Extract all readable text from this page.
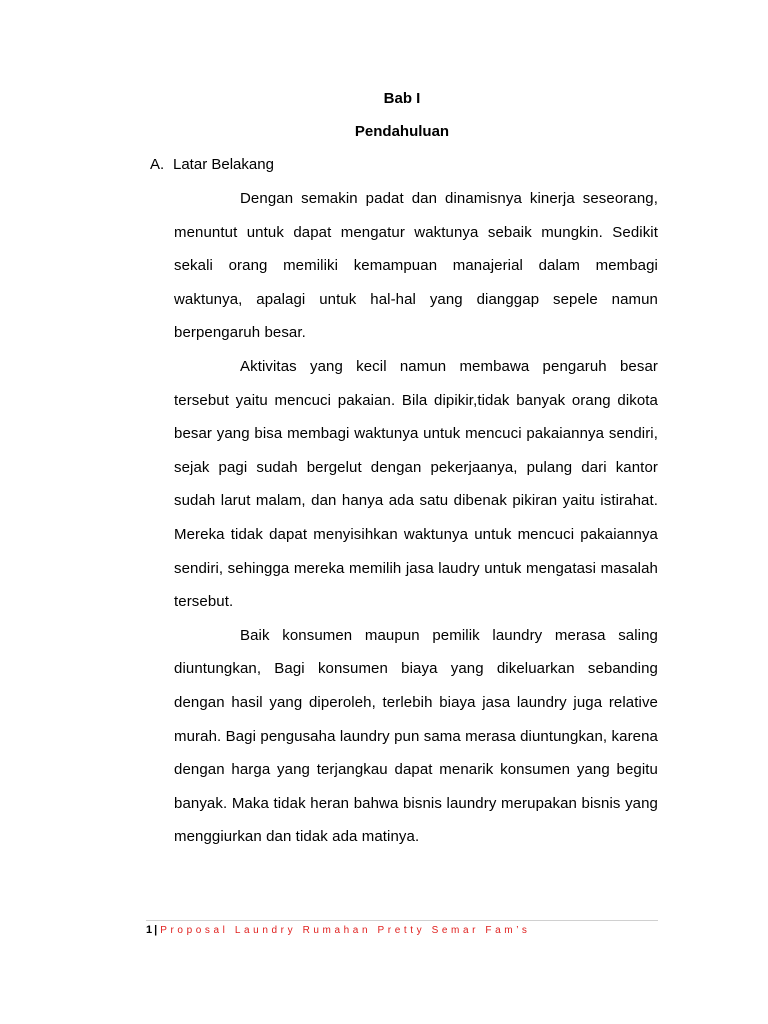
Bab I
Pendahuluan
A. Latar Belakang

Dengan semakin padat dan dinamisnya kinerja seseorang, menuntut untuk dapat mengatur waktunya sebaik mungkin. Sedikit sekali orang memiliki kemampuan manajerial dalam membagi waktunya, apalagi untuk hal-hal yang dianggap sepele namun berpengaruh besar.

Aktivitas yang kecil namun membawa pengaruh besar tersebut yaitu mencuci pakaian. Bila dipikir,tidak banyak orang dikota besar yang bisa membagi waktunya untuk mencuci pakaiannya sendiri, sejak pagi sudah bergelut dengan pekerjaanya, pulang dari kantor sudah larut malam, dan hanya ada satu dibenak pikiran yaitu istirahat. Mereka tidak dapat menyisihkan waktunya untuk mencuci pakaiannya sendiri, sehingga mereka memilih jasa laudry untuk mengatasi masalah tersebut.

Baik konsumen maupun pemilik laundry merasa saling diuntungkan, Bagi konsumen biaya yang dikeluarkan sebanding dengan hasil yang diperoleh, terlebih biaya jasa laundry juga relative murah. Bagi pengusaha laundry pun sama merasa diuntungkan, karena dengan harga yang terjangkau dapat menarik konsumen yang begitu banyak. Maka tidak heran bahwa bisnis laundry merupakan bisnis yang menggiurkan dan tidak ada matinya.

1 | Proposal Laundry Rumahan Pretty Semar Fam’s
